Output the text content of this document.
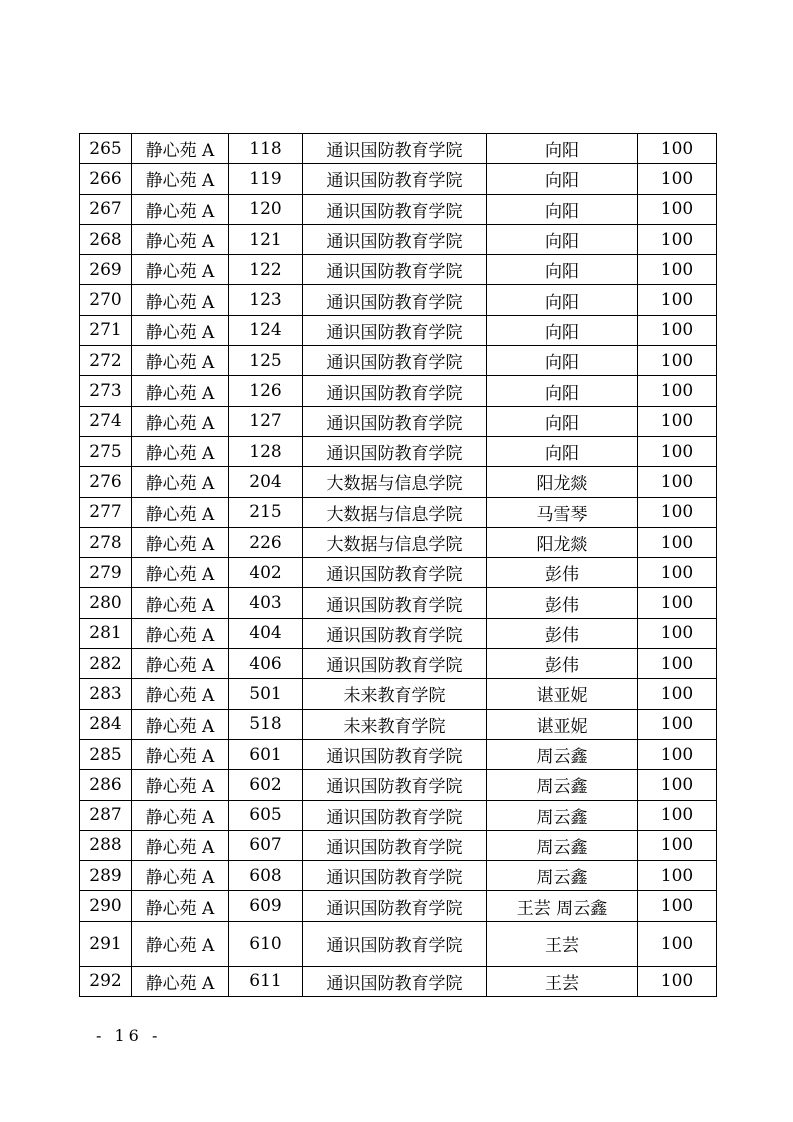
265	静心苑 A	118	通识国防教育学院	向阳	100
266	静心苑 A	119	通识国防教育学院	向阳	100
267	静心苑 A	120	通识国防教育学院	向阳	100
268	静心苑 A	121	通识国防教育学院	向阳	100
269	静心苑 A	122	通识国防教育学院	向阳	100
270	静心苑 A	123	通识国防教育学院	向阳	100
271	静心苑 A	124	通识国防教育学院	向阳	100
272	静心苑 A	125	通识国防教育学院	向阳	100
273	静心苑 A	126	通识国防教育学院	向阳	100
274	静心苑 A	127	通识国防教育学院	向阳	100
275	静心苑 A	128	通识国防教育学院	向阳	100
276	静心苑 A	204	大数据与信息学院	阳龙燚	100
277	静心苑 A	215	大数据与信息学院	马雪琴	100
278	静心苑 A	226	大数据与信息学院	阳龙燚	100
279	静心苑 A	402	通识国防教育学院	彭伟	100
280	静心苑 A	403	通识国防教育学院	彭伟	100
281	静心苑 A	404	通识国防教育学院	彭伟	100
282	静心苑 A	406	通识国防教育学院	彭伟	100
283	静心苑 A	501	未来教育学院	谌亚妮	100
284	静心苑 A	518	未来教育学院	谌亚妮	100
285	静心苑 A	601	通识国防教育学院	周云鑫	100
286	静心苑 A	602	通识国防教育学院	周云鑫	100
287	静心苑 A	605	通识国防教育学院	周云鑫	100
288	静心苑 A	607	通识国防教育学院	周云鑫	100
289	静心苑 A	608	通识国防教育学院	周云鑫	100
290	静心苑 A	609	通识国防教育学院	王芸 周云鑫	100
291	静心苑 A	610	通识国防教育学院	王芸	100
292	静心苑 A	611	通识国防教育学院	王芸	100
- 16 -
